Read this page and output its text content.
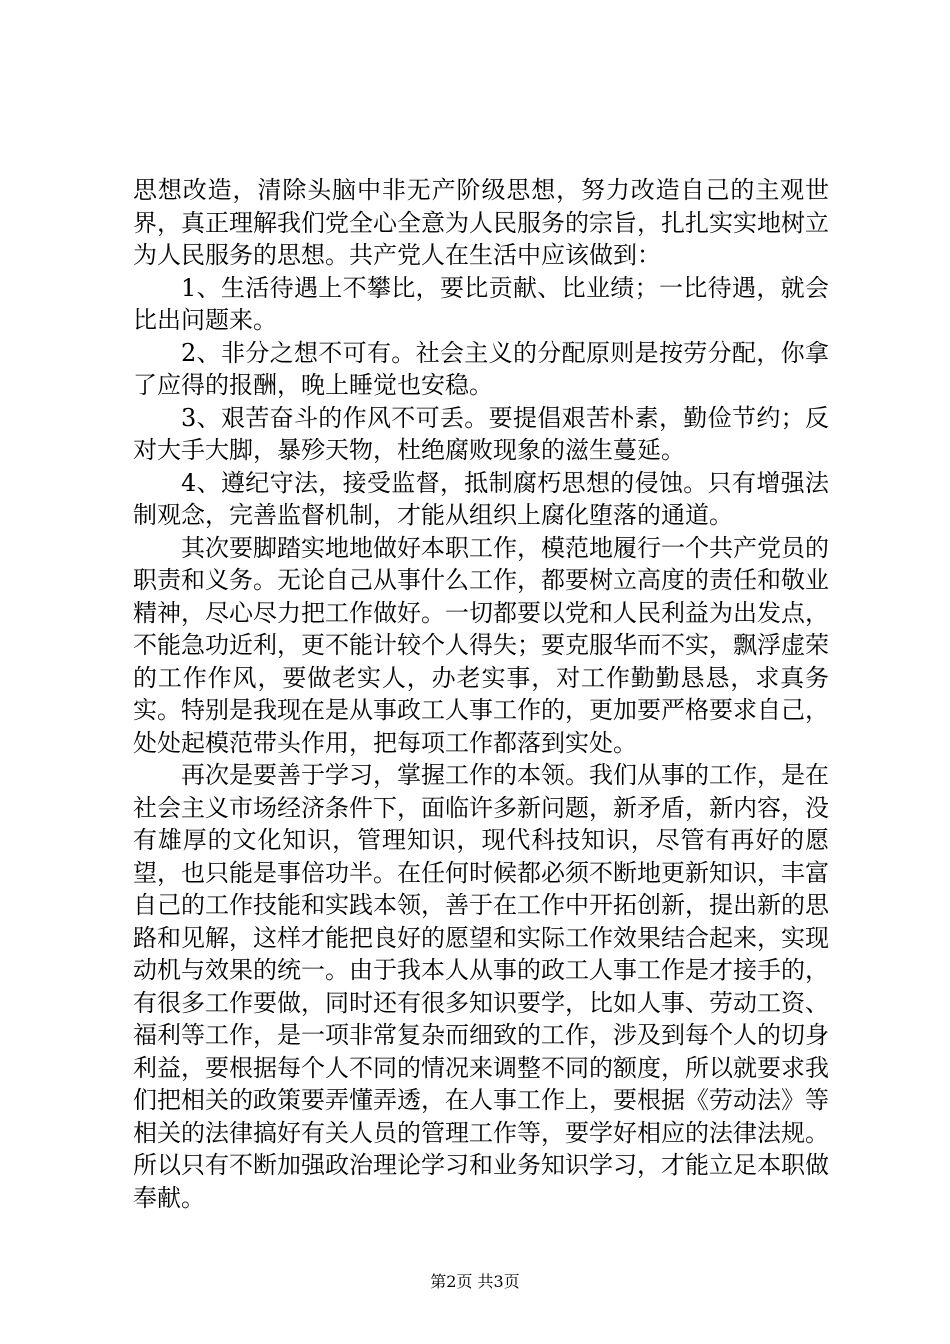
思想改造，清除头脑中非无产阶级思想，努力改造自己的主观世界，真正理解我们党全心全意为人民服务的宗旨，扎扎实实地树立为人民服务的思想。共产党人在生活中应该做到：

1、生活待遇上不攀比，要比贡献、比业绩；一比待遇，就会比出问题来。

2、非分之想不可有。社会主义的分配原则是按劳分配，你拿了应得的报酬，晚上睡觉也安稳。

3、艰苦奋斗的作风不可丢。要提倡艰苦朴素，勤俭节约；反对大手大脚，暴殄天物，杜绝腐败现象的滋生蔓延。

4、遵纪守法，接受监督，抵制腐朽思想的侵蚀。只有增强法制观念，完善监督机制，才能从组织上腐化堕落的通道。

其次要脚踏实地地做好本职工作，模范地履行一个共产党员的职责和义务。无论自己从事什么工作，都要树立高度的责任和敬业精神，尽心尽力把工作做好。一切都要以党和人民利益为出发点，不能急功近利，更不能计较个人得失；要克服华而不实，飘浮虚荣的工作作风，要做老实人，办老实事，对工作勤勤恳恳，求真务实。特别是我现在是从事政工人事工作的，更加要严格要求自己，处处起模范带头作用，把每项工作都落到实处。

再次是要善于学习，掌握工作的本领。我们从事的工作，是在社会主义市场经济条件下，面临许多新问题，新矛盾，新内容，没有雄厚的文化知识，管理知识，现代科技知识，尽管有再好的愿望，也只能是事倍功半。在任何时候都必须不断地更新知识，丰富自己的工作技能和实践本领，善于在工作中开拓创新，提出新的思路和见解，这样才能把良好的愿望和实际工作效果结合起来，实现动机与效果的统一。由于我本人从事的政工人事工作是才接手的，有很多工作要做，同时还有很多知识要学，比如人事、劳动工资、福利等工作，是一项非常复杂而细致的工作，涉及到每个人的切身利益，要根据每个人不同的情况来调整不同的额度，所以就要求我们把相关的政策要弄懂弄透，在人事工作上，要根据《劳动法》等相关的法律搞好有关人员的管理工作等，要学好相应的法律法规。所以只有不断加强政治理论学习和业务知识学习，才能立足本职做奉献。

第2页 共3页
